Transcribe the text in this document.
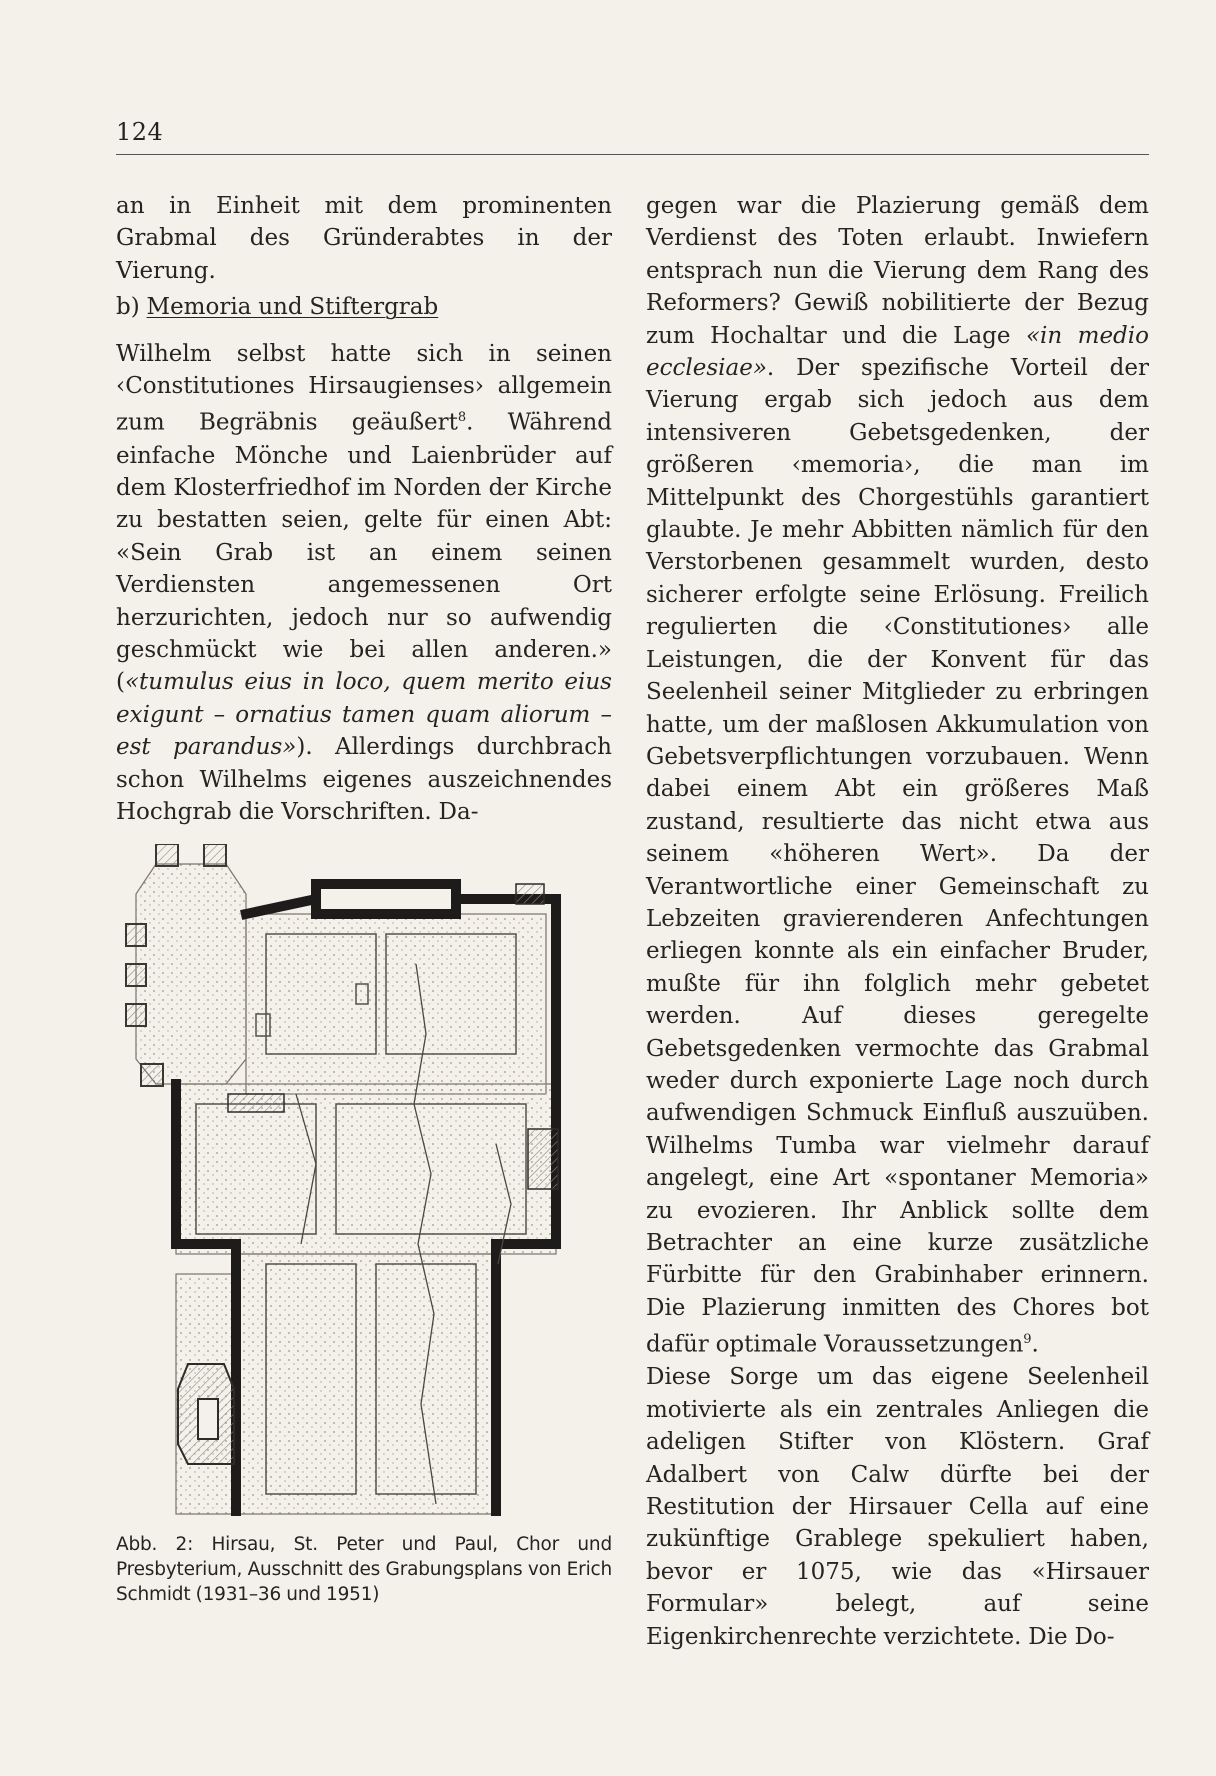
124

an in Einheit mit dem prominenten Grabmal des Gründerabtes in der Vierung.

b) Memoria und Stiftergrab

Wilhelm selbst hatte sich in seinen ‹Constitutiones Hirsaugienses› allgemein zum Begräbnis geäußert$^8$. Während einfache Mönche und Laienbrüder auf dem Klosterfriedhof im Norden der Kirche zu bestatten seien, gelte für einen Abt: «Sein Grab ist an einem seinen Verdiensten angemessenen Ort herzurichten, jedoch nur so aufwendig geschmückt wie bei allen anderen.» («tumulus eius in loco, quem merito eius exigunt – ornatius tamen quam aliorum – est parandus»). Allerdings durchbrach schon Wilhelms eigenes auszeichnendes Hochgrab die Vorschriften. Da-

Abb. 2: Hirsau, St. Peter und Paul, Chor und Presbyterium, Ausschnitt des Grabungsplans von Erich Schmidt (1931–36 und 1951)

gegen war die Plazierung gemäß dem Verdienst des Toten erlaubt. Inwiefern entsprach nun die Vierung dem Rang des Reformers? Gewiß nobilitierte der Bezug zum Hochaltar und die Lage «in medio ecclesiae». Der spezifische Vorteil der Vierung ergab sich jedoch aus dem intensiveren Gebetsgedenken, der größeren ‹memoria›, die man im Mittelpunkt des Chorgestühls garantiert glaubte. Je mehr Abbitten nämlich für den Verstorbenen gesammelt wurden, desto sicherer erfolgte seine Erlösung. Freilich regulierten die ‹Constitutiones› alle Leistungen, die der Konvent für das Seelenheil seiner Mitglieder zu erbringen hatte, um der maßlosen Akkumulation von Gebetsverpflichtungen vorzubauen. Wenn dabei einem Abt ein größeres Maß zustand, resultierte das nicht etwa aus seinem «höheren Wert». Da der Verantwortliche einer Gemeinschaft zu Lebzeiten gravierenderen Anfechtungen erliegen konnte als ein einfacher Bruder, mußte für ihn folglich mehr gebetet werden. Auf dieses geregelte Gebetsgedenken vermochte das Grabmal weder durch exponierte Lage noch durch aufwendigen Schmuck Einfluß auszuüben. Wilhelms Tumba war vielmehr darauf angelegt, eine Art «spontaner Memoria» zu evozieren. Ihr Anblick sollte dem Betrachter an eine kurze zusätzliche Fürbitte für den Grabinhaber erinnern. Die Plazierung inmitten des Chores bot dafür optimale Voraussetzungen$^9$.

Diese Sorge um das eigene Seelenheil motivierte als ein zentrales Anliegen die adeligen Stifter von Klöstern. Graf Adalbert von Calw dürfte bei der Restitution der Hirsauer Cella auf eine zukünftige Grablege spekuliert haben, bevor er 1075, wie das «Hirsauer Formular» belegt, auf seine Eigenkirchenrechte verzichtete. Die Do-
